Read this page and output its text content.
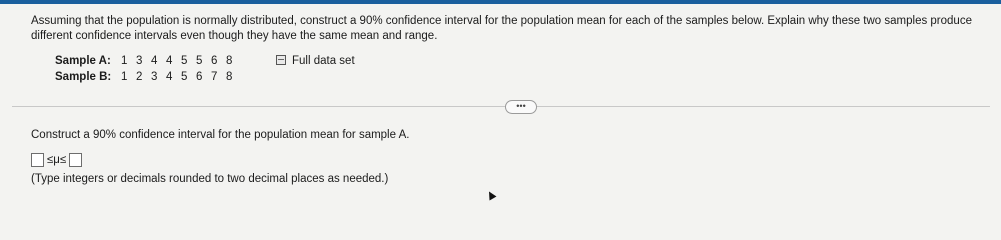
Assuming that the population is normally distributed, construct a 90% confidence interval for the population mean for each of the samples below. Explain why these two samples produce different confidence intervals even though they have the same mean and range.
Sample A: 1 3 4 4 5 5 6 8
Sample B: 1 2 3 4 5 6 7 8
Full data set
•••
Construct a 90% confidence interval for the population mean for sample A.
≤μ≤
(Type integers or decimals rounded to two decimal places as needed.)
